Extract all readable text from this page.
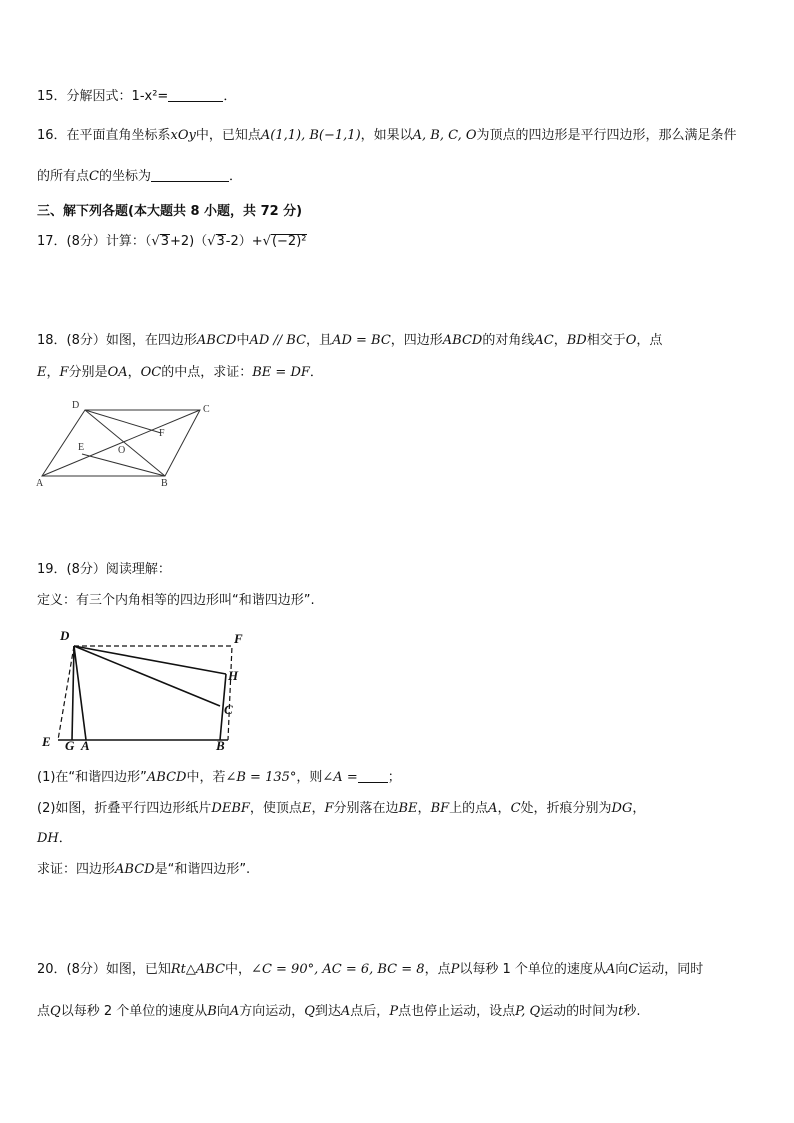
15．分解因式：1-x²=	．
16．在平面直角坐标系xOy中，已知点A(1,1), B(−1,1)，如果以A, B, C, O为顶点的四边形是平行四边形，那么满足条件
的所有点C的坐标为	．
三、解下列各题(本大题共 8 小题，共 72 分)
17．(8分）计算：（√3+2)（√3-2）+√(−2)²
18．(8分）如图，在四边形ABCD中AD // BC，且AD = BC，四边形ABCD的对角线AC，BD相交于O，点
E，F分别是OA，OC的中点，求证：BE = DF．
D	C
A	B
E
F
O
19．(8分）阅读理解：
定义：有三个内角相等的四边形叫“和谐四边形”.
D	F
H
C
E G A	B
(1)在“和谐四边形”ABCD中，若∠B = 135°，则∠A = ；
(2)如图，折叠平行四边形纸片DEBF，使顶点E，F分别落在边BE，BF上的点A，C处，折痕分别为DG，
DH．
求证：四边形ABCD是“和谐四边形”.
20．(8分）如图，已知Rt△ABC中，∠C = 90°, AC = 6, BC = 8，点P以每秒 1 个单位的速度从A向C运动，同时
点Q以每秒 2 个单位的速度从B向A方向运动，Q到达A点后，P点也停止运动，设点P, Q运动的时间为t秒.
